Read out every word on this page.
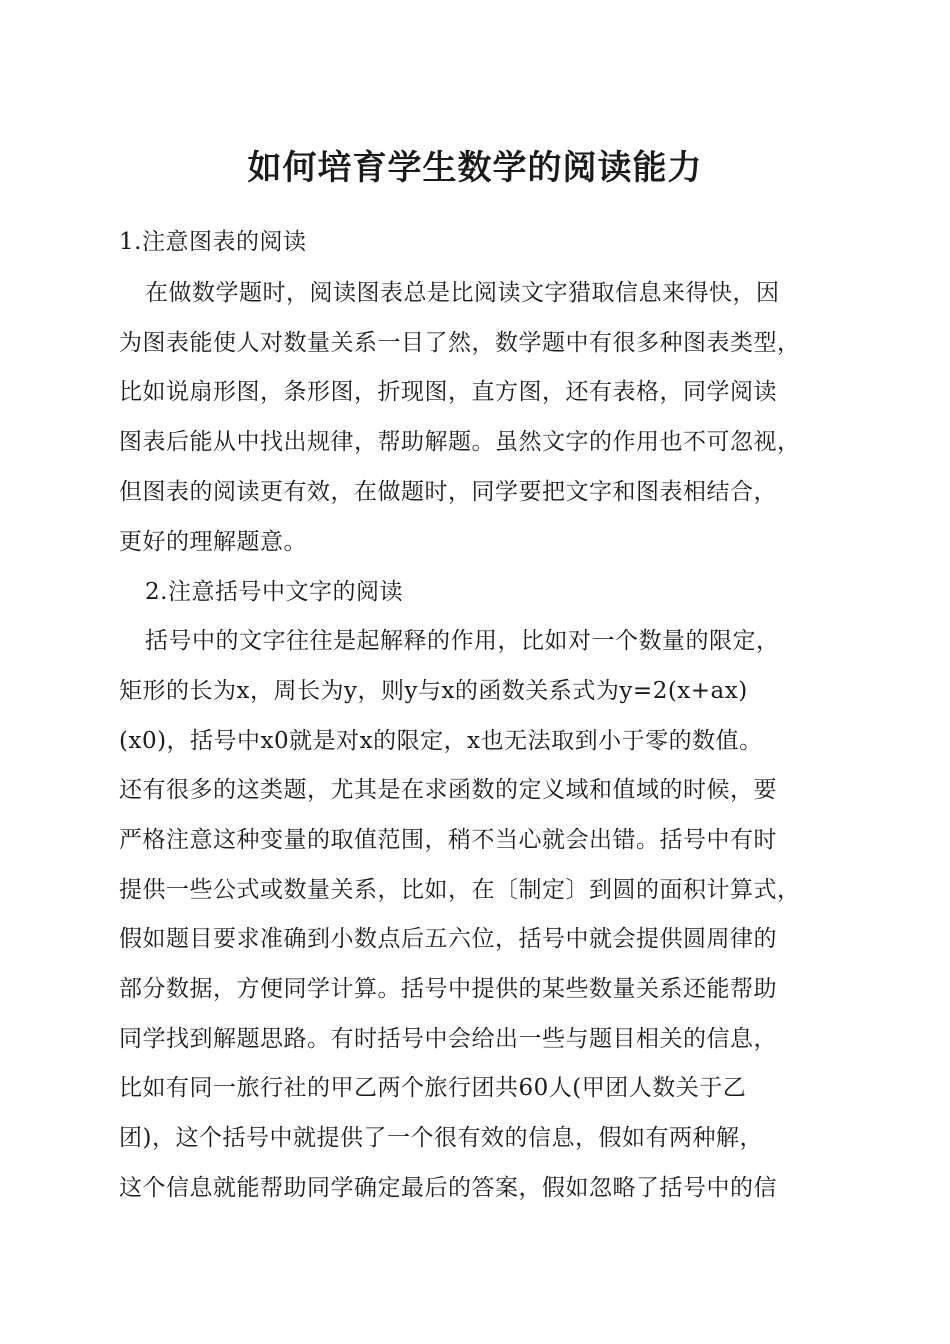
如何培育学生数学的阅读能力
1.注意图表的阅读
在做数学题时，阅读图表总是比阅读文字猎取信息来得快，因
为图表能使人对数量关系一目了然，数学题中有很多种图表类型，
比如说扇形图，条形图，折现图，直方图，还有表格，同学阅读
图表后能从中找出规律，帮助解题。虽然文字的作用也不可忽视，
但图表的阅读更有效，在做题时，同学要把文字和图表相结合，
更好的理解题意。
2.注意括号中文字的阅读
括号中的文字往往是起解释的作用，比如对一个数量的限定，
矩形的长为x，周长为y，则y与x的函数关系式为y=2(x+ax)
(x0)，括号中x0就是对x的限定，x也无法取到小于零的数值。
还有很多的这类题，尤其是在求函数的定义域和值域的时候，要
严格注意这种变量的取值范围，稍不当心就会出错。括号中有时
提供一些公式或数量关系，比如，在〔制定〕到圆的面积计算式，
假如题目要求准确到小数点后五六位，括号中就会提供圆周律的
部分数据，方便同学计算。括号中提供的某些数量关系还能帮助
同学找到解题思路。有时括号中会给出一些与题目相关的信息，
比如有同一旅行社的甲乙两个旅行团共60人(甲团人数关于乙
团)，这个括号中就提供了一个很有效的信息，假如有两种解，
这个信息就能帮助同学确定最后的答案，假如忽略了括号中的信
